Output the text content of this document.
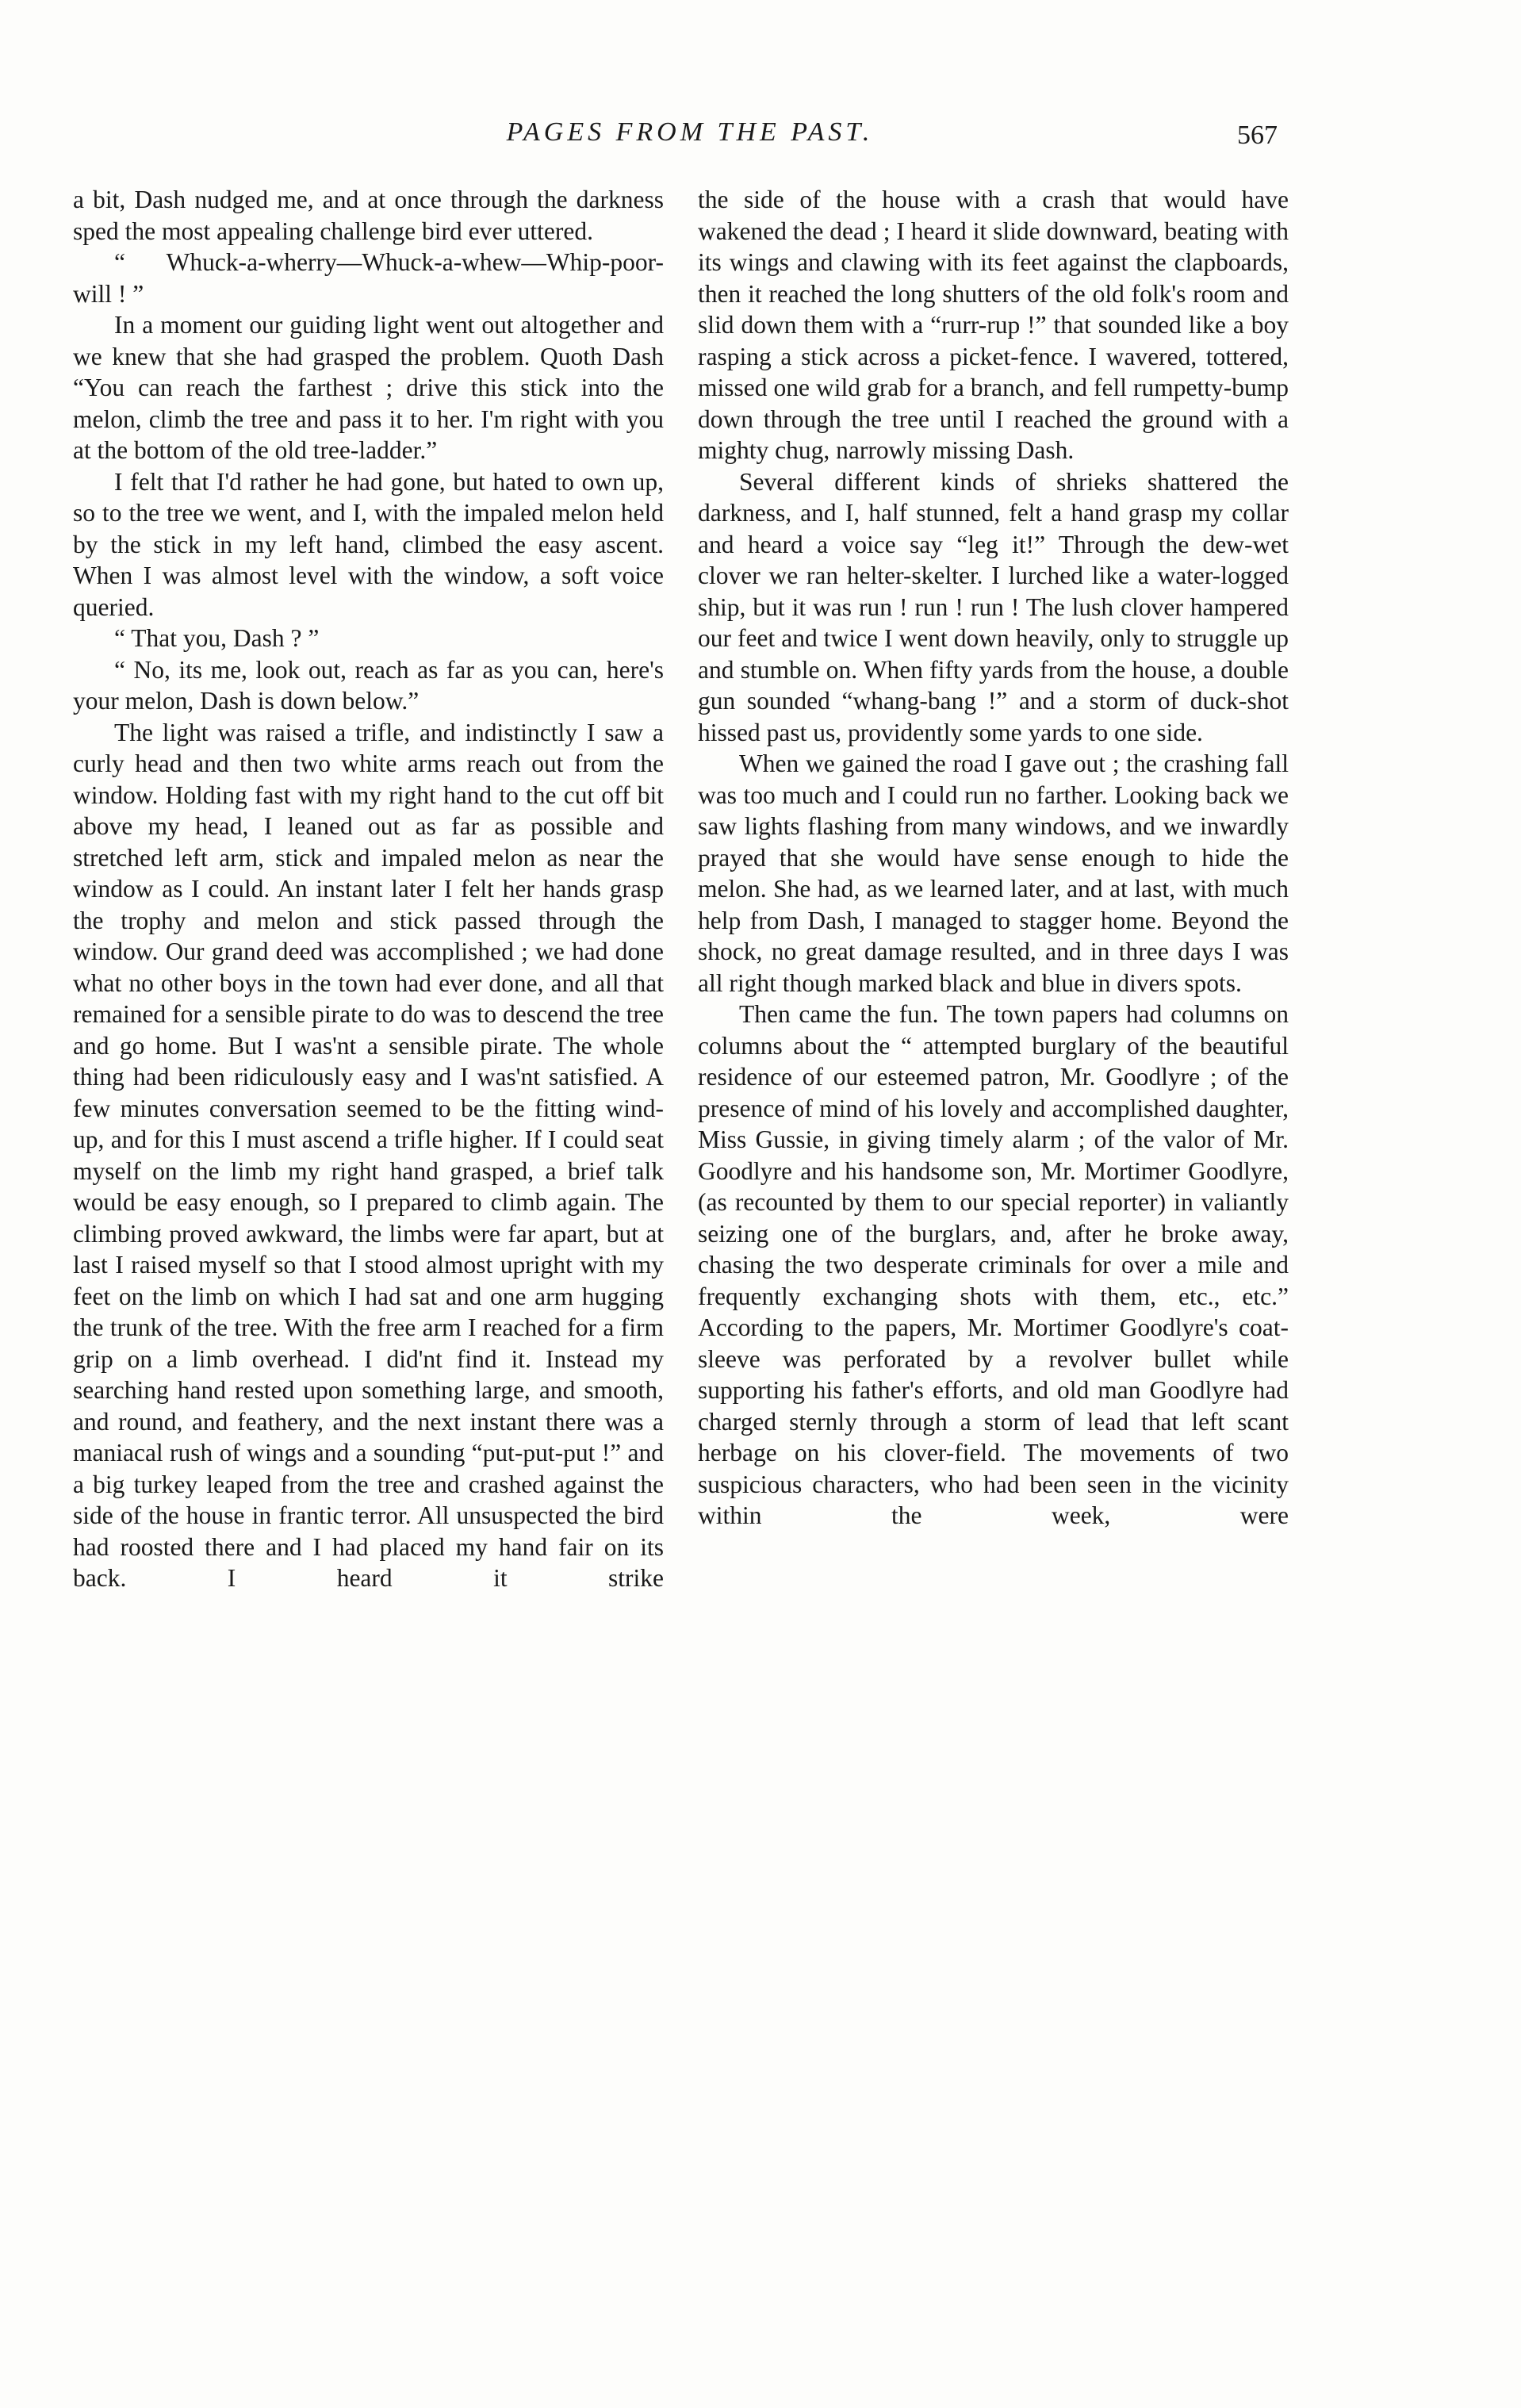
PAGES FROM THE PAST.	567

a bit, Dash nudged me, and at once through the darkness sped the most appealing challenge bird ever uttered.

“ Whuck-a-wherry—Whuck-a-whew—Whip-poor-will ! ”

In a moment our guiding light went out altogether and we knew that she had grasped the problem. Quoth Dash “You can reach the farthest ; drive this stick into the melon, climb the tree and pass it to her. I'm right with you at the bottom of the old tree-ladder.”

I felt that I'd rather he had gone, but hated to own up, so to the tree we went, and I, with the impaled melon held by the stick in my left hand, climbed the easy ascent. When I was almost level with the window, a soft voice queried.

“ That you, Dash ? ”

“ No, its me, look out, reach as far as you can, here's your melon, Dash is down below.”

The light was raised a trifle, and indistinctly I saw a curly head and then two white arms reach out from the window. Holding fast with my right hand to the cut off bit above my head, I leaned out as far as possible and stretched left arm, stick and impaled melon as near the window as I could. An instant later I felt her hands grasp the trophy and melon and stick passed through the window. Our grand deed was accomplished ; we had done what no other boys in the town had ever done, and all that remained for a sensible pirate to do was to descend the tree and go home. But I was'nt a sensible pirate. The whole thing had been ridiculously easy and I was'nt satisfied. A few minutes conversation seemed to be the fitting wind-up, and for this I must ascend a trifle higher. If I could seat myself on the limb my right hand grasped, a brief talk would be easy enough, so I prepared to climb again. The climbing proved awkward, the limbs were far apart, but at last I raised myself so that I stood almost upright with my feet on the limb on which I had sat and one arm hugging the trunk of the tree. With the free arm I reached for a firm grip on a limb overhead. I did'nt find it. Instead my searching hand rested upon something large, and smooth, and round, and feathery, and the next instant there was a maniacal rush of wings and a sounding “put-put-put !” and a big turkey leaped from the tree and crashed against the side of the house in frantic terror. All unsuspected the bird had roosted there and I had placed my hand fair on its back. I heard it strike

the side of the house with a crash that would have wakened the dead ; I heard it slide downward, beating with its wings and clawing with its feet against the clapboards, then it reached the long shutters of the old folk's room and slid down them with a “rurr-rup !” that sounded like a boy rasping a stick across a picket-fence. I wavered, tottered, missed one wild grab for a branch, and fell rumpetty-bump down through the tree until I reached the ground with a mighty chug, narrowly missing Dash.

Several different kinds of shrieks shattered the darkness, and I, half stunned, felt a hand grasp my collar and heard a voice say “leg it!” Through the dew-wet clover we ran helter-skelter. I lurched like a water-logged ship, but it was run ! run ! run ! The lush clover hampered our feet and twice I went down heavily, only to struggle up and stumble on. When fifty yards from the house, a double gun sounded “whang-bang !” and a storm of duck-shot hissed past us, providently some yards to one side.

When we gained the road I gave out ; the crashing fall was too much and I could run no farther. Looking back we saw lights flashing from many windows, and we inwardly prayed that she would have sense enough to hide the melon. She had, as we learned later, and at last, with much help from Dash, I managed to stagger home. Beyond the shock, no great damage resulted, and in three days I was all right though marked black and blue in divers spots.

Then came the fun. The town papers had columns on columns about the “ attempted burglary of the beautiful residence of our esteemed patron, Mr. Goodlyre ; of the presence of mind of his lovely and accomplished daughter, Miss Gussie, in giving timely alarm ; of the valor of Mr. Goodlyre and his handsome son, Mr. Mortimer Goodlyre, (as recounted by them to our special reporter) in valiantly seizing one of the burglars, and, after he broke away, chasing the two desperate criminals for over a mile and frequently exchanging shots with them, etc., etc.” According to the papers, Mr. Mortimer Goodlyre's coat-sleeve was perforated by a revolver bullet while supporting his father's efforts, and old man Goodlyre had charged sternly through a storm of lead that left scant herbage on his clover-field. The movements of two suspicious characters, who had been seen in the vicinity within the week, were
